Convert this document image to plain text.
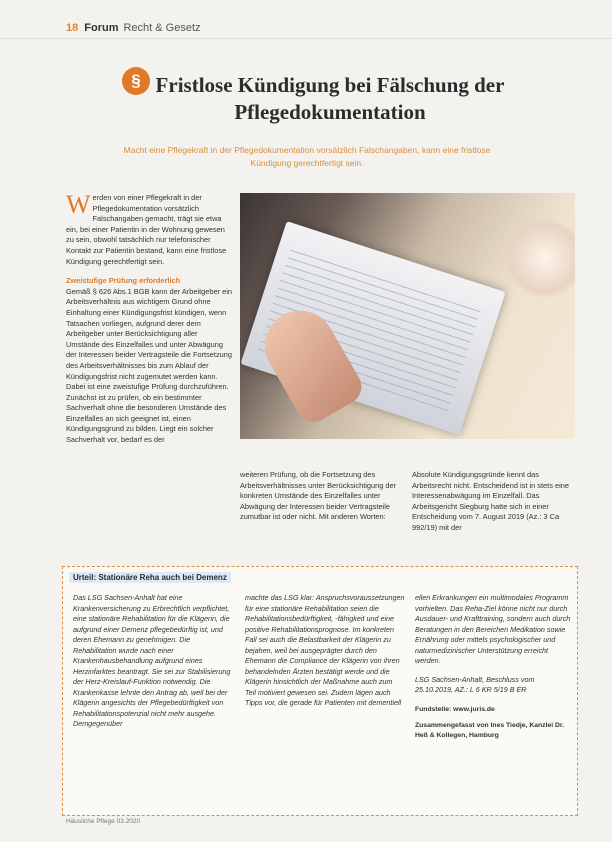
18 Forum Recht & Gesetz
§ Fristlose Kündigung bei Fälschung der Pflegedokumentation
Macht eine Pflegekraft in der Pflegedokumentation vorsätzlich Falschangaben, kann eine fristlose Kündigung gerechtfertigt sein.

Werden von einer Pflegekraft in der Pflegedokumentation vorsätzlich Falschangaben gemacht, trägt sie etwa ein, bei einer Patientin in der Wohnung gewesen zu sein, obwohl tatsächlich nur telefonischer Kontakt zur Patientin bestand, kann eine fristlose Kündigung gerechtfertigt sein.

Zweistufige Prüfung erforderlich

Gemäß § 626 Abs.1 BGB kann der Arbeitgeber ein Arbeitsverhältnis aus wichtigem Grund ohne Einhaltung einer Kündigungsfrist kündigen, wenn Tatsachen vorliegen, aufgrund derer dem Arbeitgeber unter Berücksichtigung aller Umstände des Einzelfalles und unter Abwägung der Interessen beider Vertragsteile die Fortsetzung des Arbeitsverhältnisses bis zum Ablauf der Kündigungsfrist nicht zugemutet werden kann. Dabei ist eine zweistufige Prüfung durchzuführen. Zunächst ist zu prüfen, ob ein bestimmter Sachverhalt ohne die besonderen Umstände des Einzelfalles an sich geeignet ist, einen Kündigungsgrund zu bilden. Liegt ein solcher Sachverhalt vor, bedarf es der

weiteren Prüfung, ob die Fortsetzung des Arbeitsverhältnisses unter Berücksichtigung der konkreten Umstände des Einzelfalles unter Abwägung der Interessen beider Vertragsteile zumutbar ist oder nicht. Mit anderen Worten:

Absolute Kündigungsgründe kennt das Arbeitsrecht nicht. Entscheidend ist in stets eine Interessenabwägung im Einzelfall. Das Arbeitsgericht Siegburg hatte sich in einer Entscheidung vom 7. August 2019 (Az.: 3 Ca 992/19) mit der

Urteil: Stationäre Reha auch bei Demenz

Das LSG Sachsen-Anhalt hat eine Krankenversicherung zu Erbrechtlich verpflichtet, eine stationäre Rehabilitation für die Klägerin, die aufgrund einer Demenz pflegebedürftig ist, und deren Ehemann zu genehmigen. Die Rehabilitation wurde nach einer Krankenhausbehandlung aufgrund eines Herzinfarktes beantragt. Sie sei zur Stabilisierung der Herz-Kreislauf-Funktion notwendig. Die Krankenkasse lehnte den Antrag ab, weil bei der Klägerin angesichts der Pflegebedürftigkeit von Rehabilitationspotenzial nicht mehr ausgehe. Demgegenüber

machte das LSG klar: Anspruchsvoraussetzungen für eine stationäre Rehabilitation seien die Rehabilitationsbedürftigkeit, -fähigkeit und eine positive Rehabilitationsprognose. Im konkreten Fall sei auch die Belastbarkeit der Klägerin zu bejahen, weil bei ausgeprägter durch den Ehemann die Compliance der Klägerin von ihren behandelnden Ärzten bestätigt werde und die Klägerin hinsichtlich der Maßnahme auch zum Teil motiviert gewesen sei. Zudem lägen auch Tipps vor, die gerade für Patienten mit dementiell

ellen Erkrankungen ein multimodales Programm vorhielten. Das Reha-Ziel könne nicht nur durch Ausdauer- und Krafttraining, sondern auch durch Beratungen in den Bereichen Medikation sowie Ernährung oder mittels psychologischer und naturmedizinischer Unterstützung erreicht werden.

LSG Sachsen-Anhalt, Beschluss vom 25.10.2019, AZ.: L 6 KR 5/19 B ER

Fundstelle: www.juris.de

Zusammengefasst von Ines Tiedje, Kanzlei Dr. Heß & Kollegen, Hamburg

Häusliche Pflege 03.2020
